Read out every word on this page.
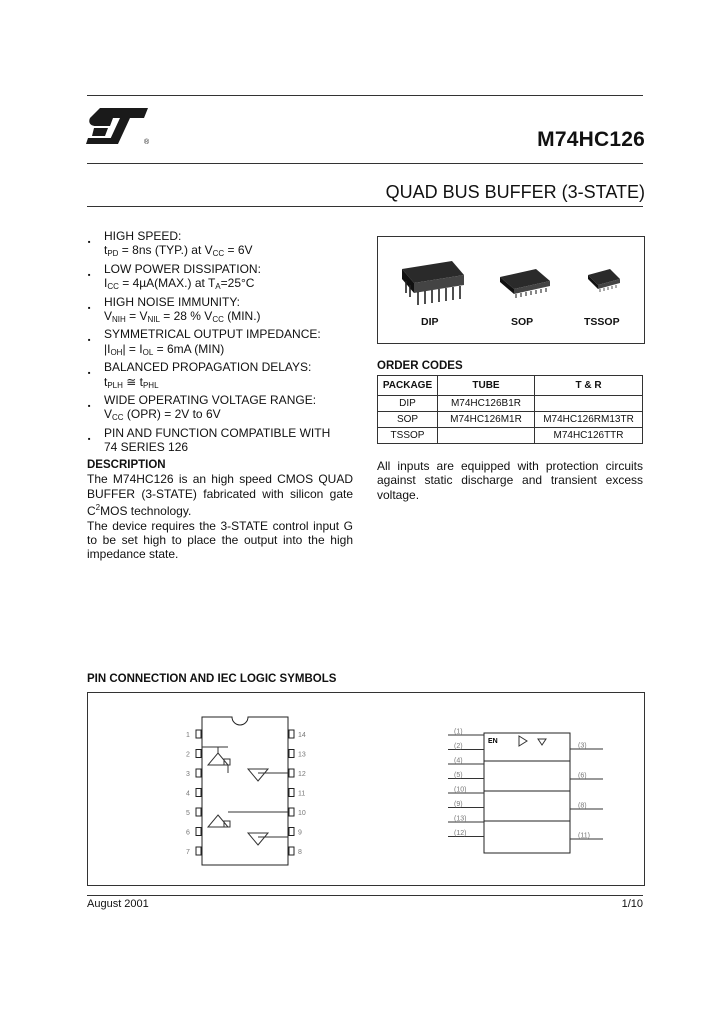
®	M74HC126
QUAD BUS BUFFER (3-STATE)
■ HIGH SPEED:
$t_{PD} = 8ns$ (TYP.) at $V_{CC} = 6V$
■ LOW POWER DISSIPATION:
$I_{CC} = 4\mu A(MAX.)$ at $T_A=25^\circ C$
■ HIGH NOISE IMMUNITY:
$V_{NIH} = V_{NIL} = 28$ % $V_{CC}$ (MIN.)
■ SYMMETRICAL OUTPUT IMPEDANCE:
$|I_{OH}| = I_{OL} = 6mA$ (MIN)
■ BALANCED PROPAGATION DELAYS:
$t_{PLH}$ ≅ $t_{PHL}$
■ WIDE OPERATING VOLTAGE RANGE:
$V_{CC}$ (OPR) = 2V to 6V
■ PIN AND FUNCTION COMPATIBLE WITH
74 SERIES 126
DESCRIPTION

The M74HC126 is an high speed CMOS QUAD BUFFER (3-STATE) fabricated with silicon gate $C^2MOS$ technology.

The device requires the 3-STATE control input G to be set high to place the output into the high impedance state.

DIP	SOP	TSSOP
ORDER CODES
PACKAGE	TUBE	T & R
DIP	M74HC126B1R	
SOP	M74HC126M1R	M74HC126RM13TR
TSSOP		M74HC126TTR
All inputs are equipped with protection circuits against static discharge and transient excess voltage.
PIN CONNECTION AND IEC LOGIC SYMBOLS
1
2
3
4
5
6
7
14
13
12
11
10
9
8
EN
(1)
(2)
(4)
(5)
(10)
(9)
(13)
(12)
(3)
(6)
(8)
(11)
August 2001	1/10
